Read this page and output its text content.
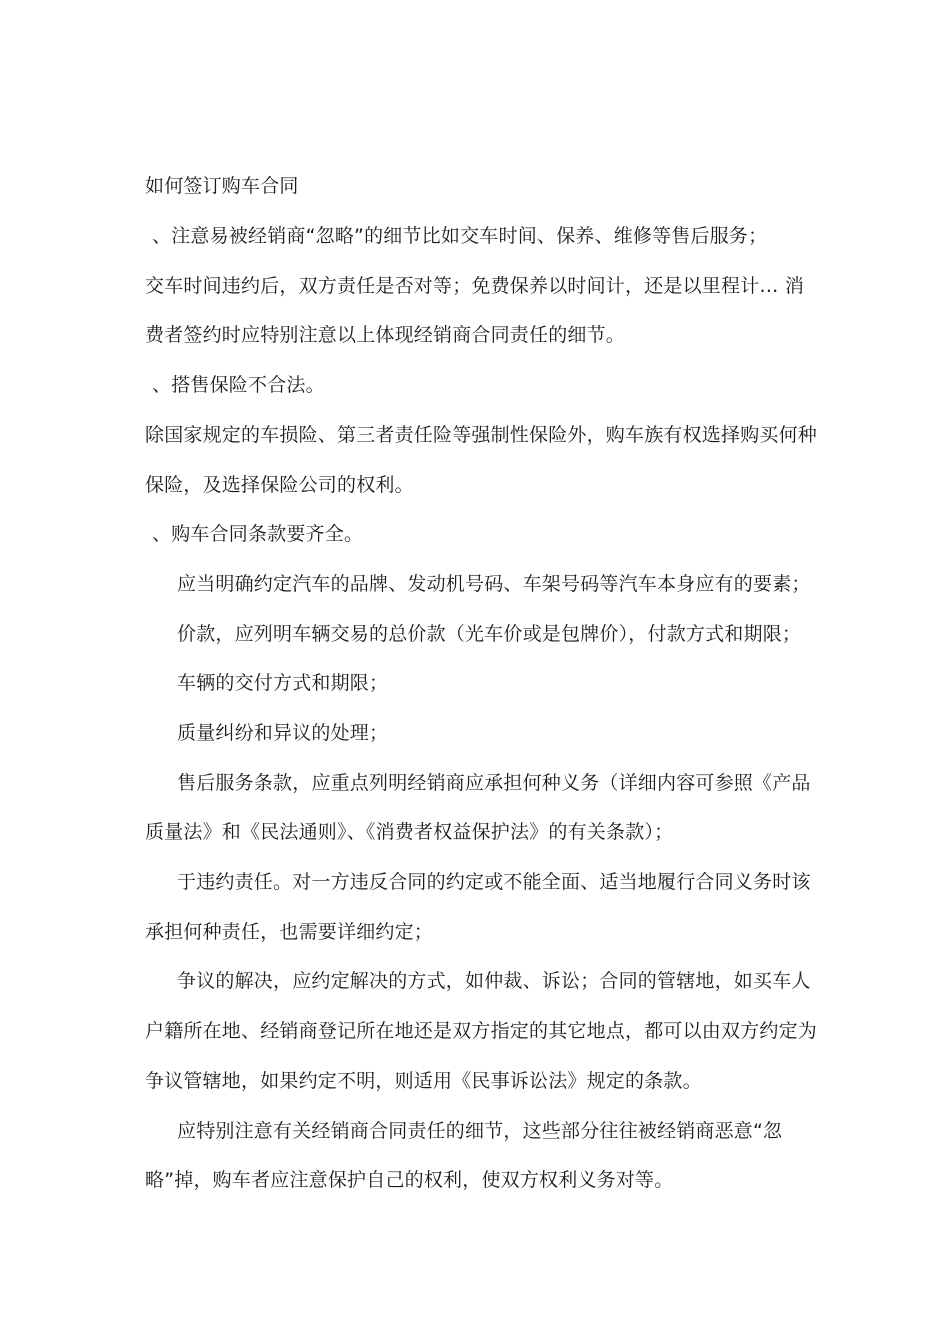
如何签订购车合同
、注意易被经销商“忽略”的细节比如交车时间、保养、维修等售后服务；
交车时间违约后，双方责任是否对等；免费保养以时间计，还是以里程计… 消
费者签约时应特别注意以上体现经销商合同责任的细节。
、搭售保险不合法。
除国家规定的车损险、第三者责任险等强制性保险外，购车族有权选择购买何种
保险，及选择保险公司的权利。
、购车合同条款要齐全。
应当明确约定汽车的品牌、发动机号码、车架号码等汽车本身应有的要素；
价款，应列明车辆交易的总价款（光车价或是包牌价），付款方式和期限；
车辆的交付方式和期限；
质量纠纷和异议的处理；
售后服务条款，应重点列明经销商应承担何种义务（详细内容可参照《产品
质量法》和《民法通则》、《消费者权益保护法》的有关条款）；
于违约责任。对一方违反合同的约定或不能全面、适当地履行合同义务时该
承担何种责任，也需要详细约定；
争议的解决，应约定解决的方式，如仲裁、诉讼；合同的管辖地，如买车人
户籍所在地、经销商登记所在地还是双方指定的其它地点，都可以由双方约定为
争议管辖地，如果约定不明，则适用《民事诉讼法》规定的条款。
应特别注意有关经销商合同责任的细节，这些部分往往被经销商恶意“忽
略”掉，购车者应注意保护自己的权利，使双方权利义务对等。
